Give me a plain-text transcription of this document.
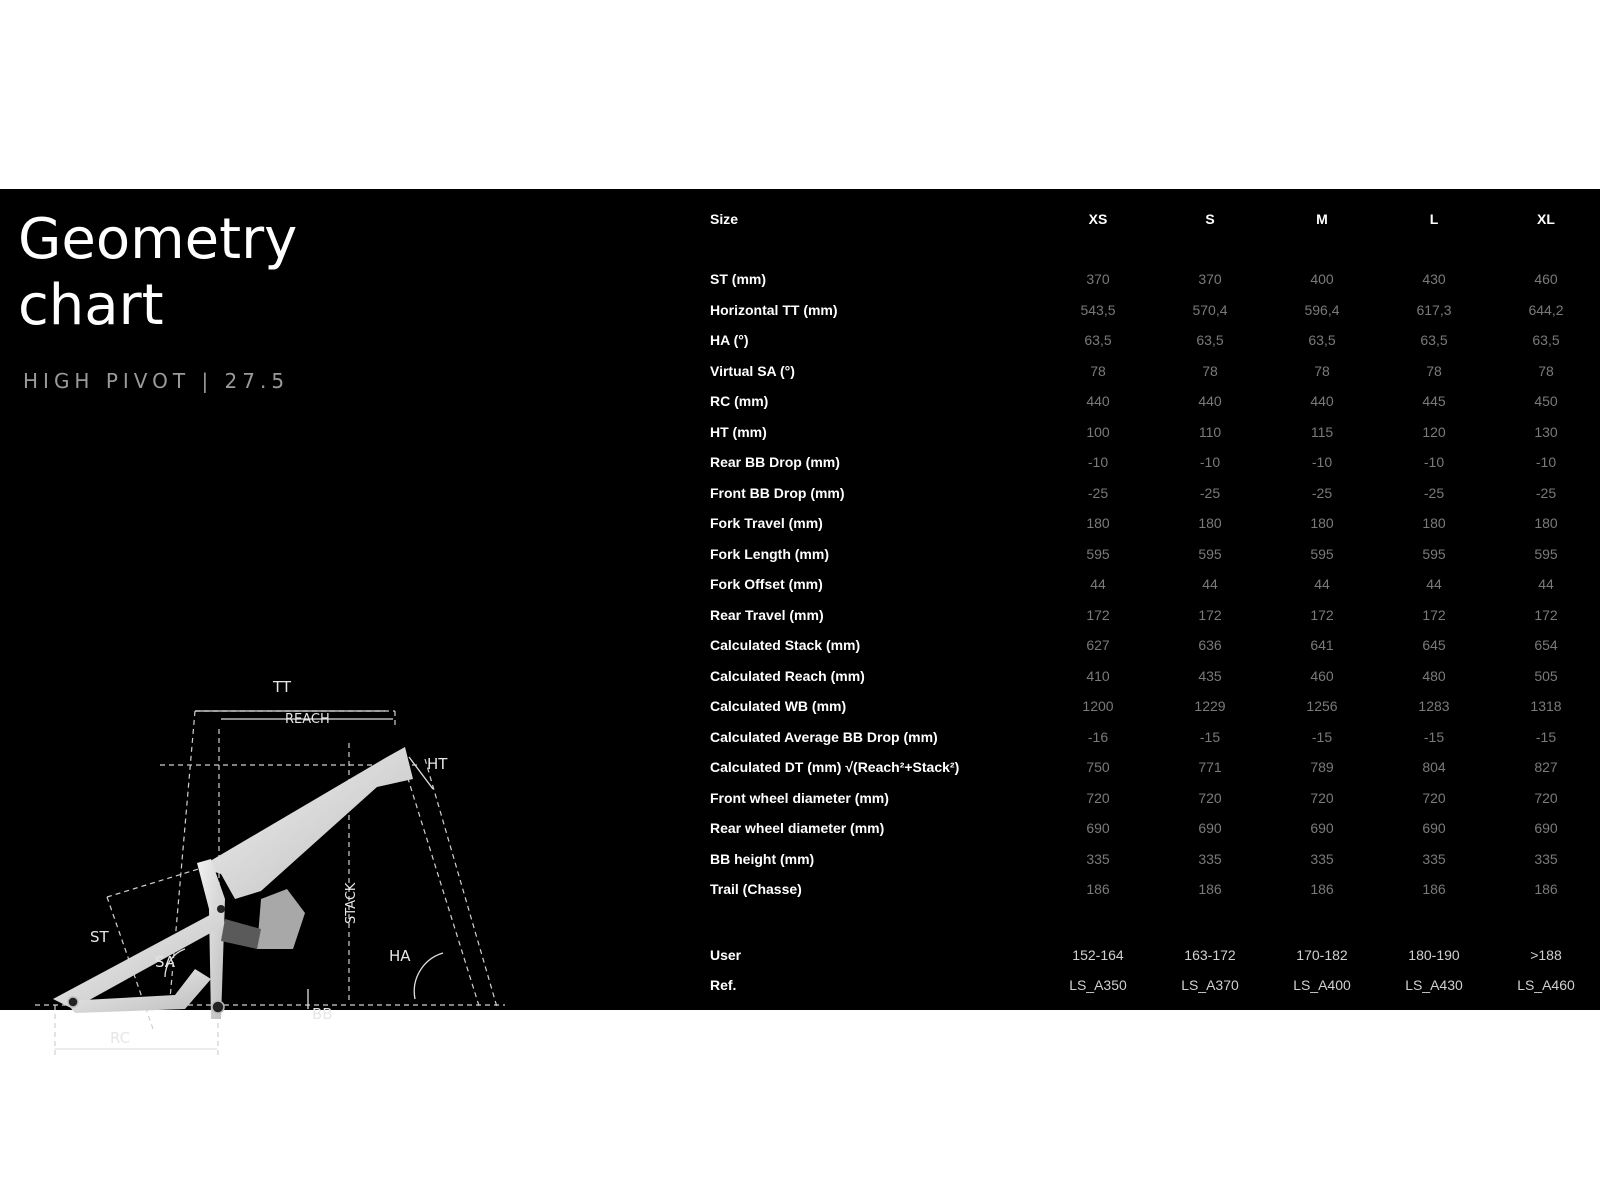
Geometry
chart
HIGH PIVOT | 27.5
TT
REACH
HT
STACK
ST
SA	HA
RC
BB
Size	XS	S	M	L	XL
ST (mm)	370	370	400	430	460
Horizontal TT (mm)	543,5	570,4	596,4	617,3	644,2
HA (°)	63,5	63,5	63,5	63,5	63,5
Virtual SA (°)	78	78	78	78	78
RC (mm)	440	440	440	445	450
HT (mm)	100	110	115	120	130
Rear BB Drop (mm)	-10	-10	-10	-10	-10
Front BB Drop (mm)	-25	-25	-25	-25	-25
Fork Travel (mm)	180	180	180	180	180
Fork Length (mm)	595	595	595	595	595
Fork Offset (mm)	44	44	44	44	44
Rear Travel (mm)	172	172	172	172	172
Calculated Stack (mm)	627	636	641	645	654
Calculated Reach (mm)	410	435	460	480	505
Calculated WB (mm)	1200	1229	1256	1283	1318
Calculated Average BB Drop (mm)	-16	-15	-15	-15	-15
Calculated DT (mm) √(Reach²+Stack²)	750	771	789	804	827
Front wheel diameter (mm)	720	720	720	720	720
Rear wheel diameter (mm)	690	690	690	690	690
BB height (mm)	335	335	335	335	335
Trail (Chasse)	186	186	186	186	186
User	152-164	163-172	170-182	180-190	>188
Ref.	LS_A350	LS_A370	LS_A400	LS_A430	LS_A460
